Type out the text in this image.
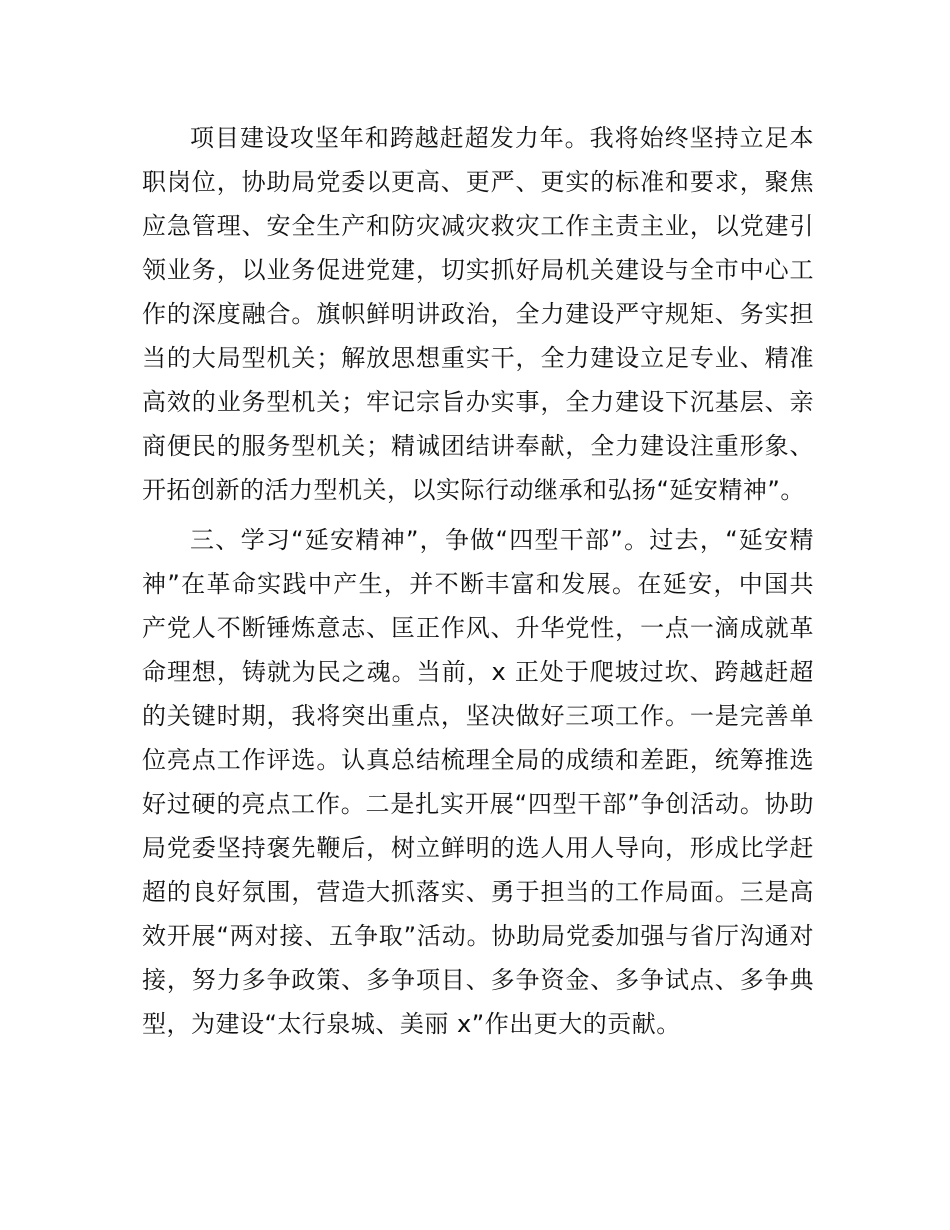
项目建设攻坚年和跨越赶超发力年。我将始终坚持立足本职岗位，协助局党委以更高、更严、更实的标准和要求，聚焦应急管理、安全生产和防灾减灾救灾工作主责主业，以党建引领业务，以业务促进党建，切实抓好局机关建设与全市中心工作的深度融合。旗帜鲜明讲政治，全力建设严守规矩、务实担当的大局型机关；解放思想重实干，全力建设立足专业、精准高效的业务型机关；牢记宗旨办实事，全力建设下沉基层、亲商便民的服务型机关；精诚团结讲奉献，全力建设注重形象、开拓创新的活力型机关，以实际行动继承和弘扬“延安精神”。

三、学习“延安精神”，争做“四型干部”。过去，“延安精神”在革命实践中产生，并不断丰富和发展。在延安，中国共产党人不断锤炼意志、匡正作风、升华党性，一点一滴成就革命理想，铸就为民之魂。当前，x 正处于爬坡过坎、跨越赶超的关键时期，我将突出重点，坚决做好三项工作。一是完善单位亮点工作评选。认真总结梳理全局的成绩和差距，统筹推选好过硬的亮点工作。二是扎实开展“四型干部”争创活动。协助局党委坚持褒先鞭后，树立鲜明的选人用人导向，形成比学赶超的良好氛围，营造大抓落实、勇于担当的工作局面。三是高效开展“两对接、五争取”活动。协助局党委加强与省厅沟通对接，努力多争政策、多争项目、多争资金、多争试点、多争典型，为建设“太行泉城、美丽 x”作出更大的贡献。
